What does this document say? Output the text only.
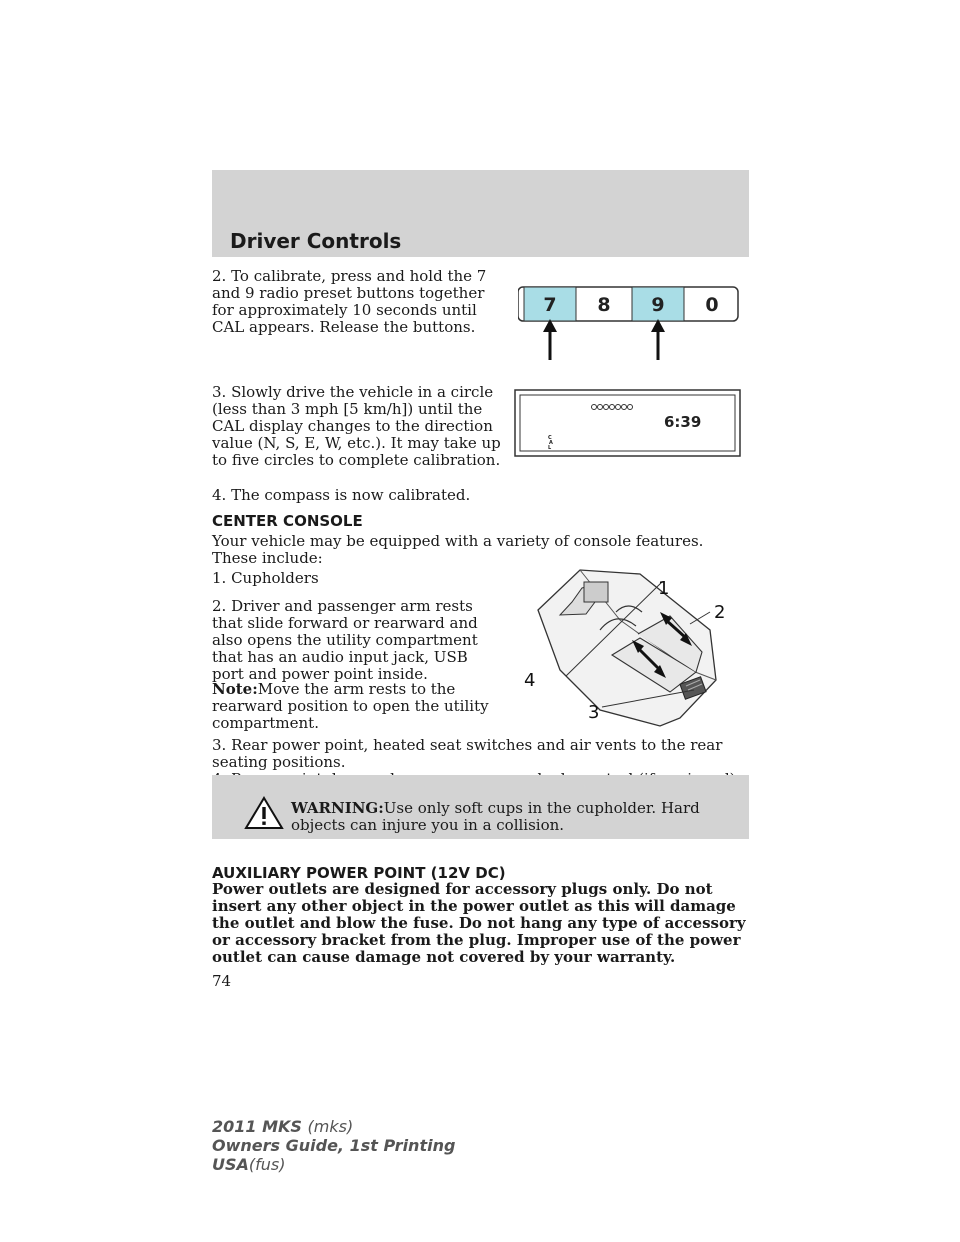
Driver Controls
2. To calibrate, press and hold the 7 and 9 radio preset buttons together for approximately 10 seconds until CAL appears. Release the buttons.
7 8 9 0
3. Slowly drive the vehicle in a circle (less than 3 mph [5 km/h]) until the CAL display changes to the direction value (N, S, E, W, etc.). It may take up to five circles to complete calibration.
6:39
C
A
L
4. The compass is now calibrated.
CENTER CONSOLE
Your vehicle may be equipped with a variety of console features. These include:
1. Cupholders
2. Driver and passenger arm rests that slide forward or rearward and also opens the utility compartment that has an audio input jack, USB port and power point inside.
Note:Move the arm rests to the rearward position to open the utility compartment.
3. Rear power point, heated seat switches and air vents to the rear seating positions.
1
2
3
4
WARNING:Use only soft cups in the cupholder. Hard objects can injure you in a collision.
AUXILIARY POWER POINT (12V DC)
Power outlets are designed for accessory plugs only. Do not insert any other object in the power outlet as this will damage the outlet and blow the fuse. Do not hang any type of accessory or accessory bracket from the plug. Improper use of the power outlet can cause damage not covered by your warranty.
74
2011 MKS (mks)
Owners Guide, 1st Printing
USA(fus)
